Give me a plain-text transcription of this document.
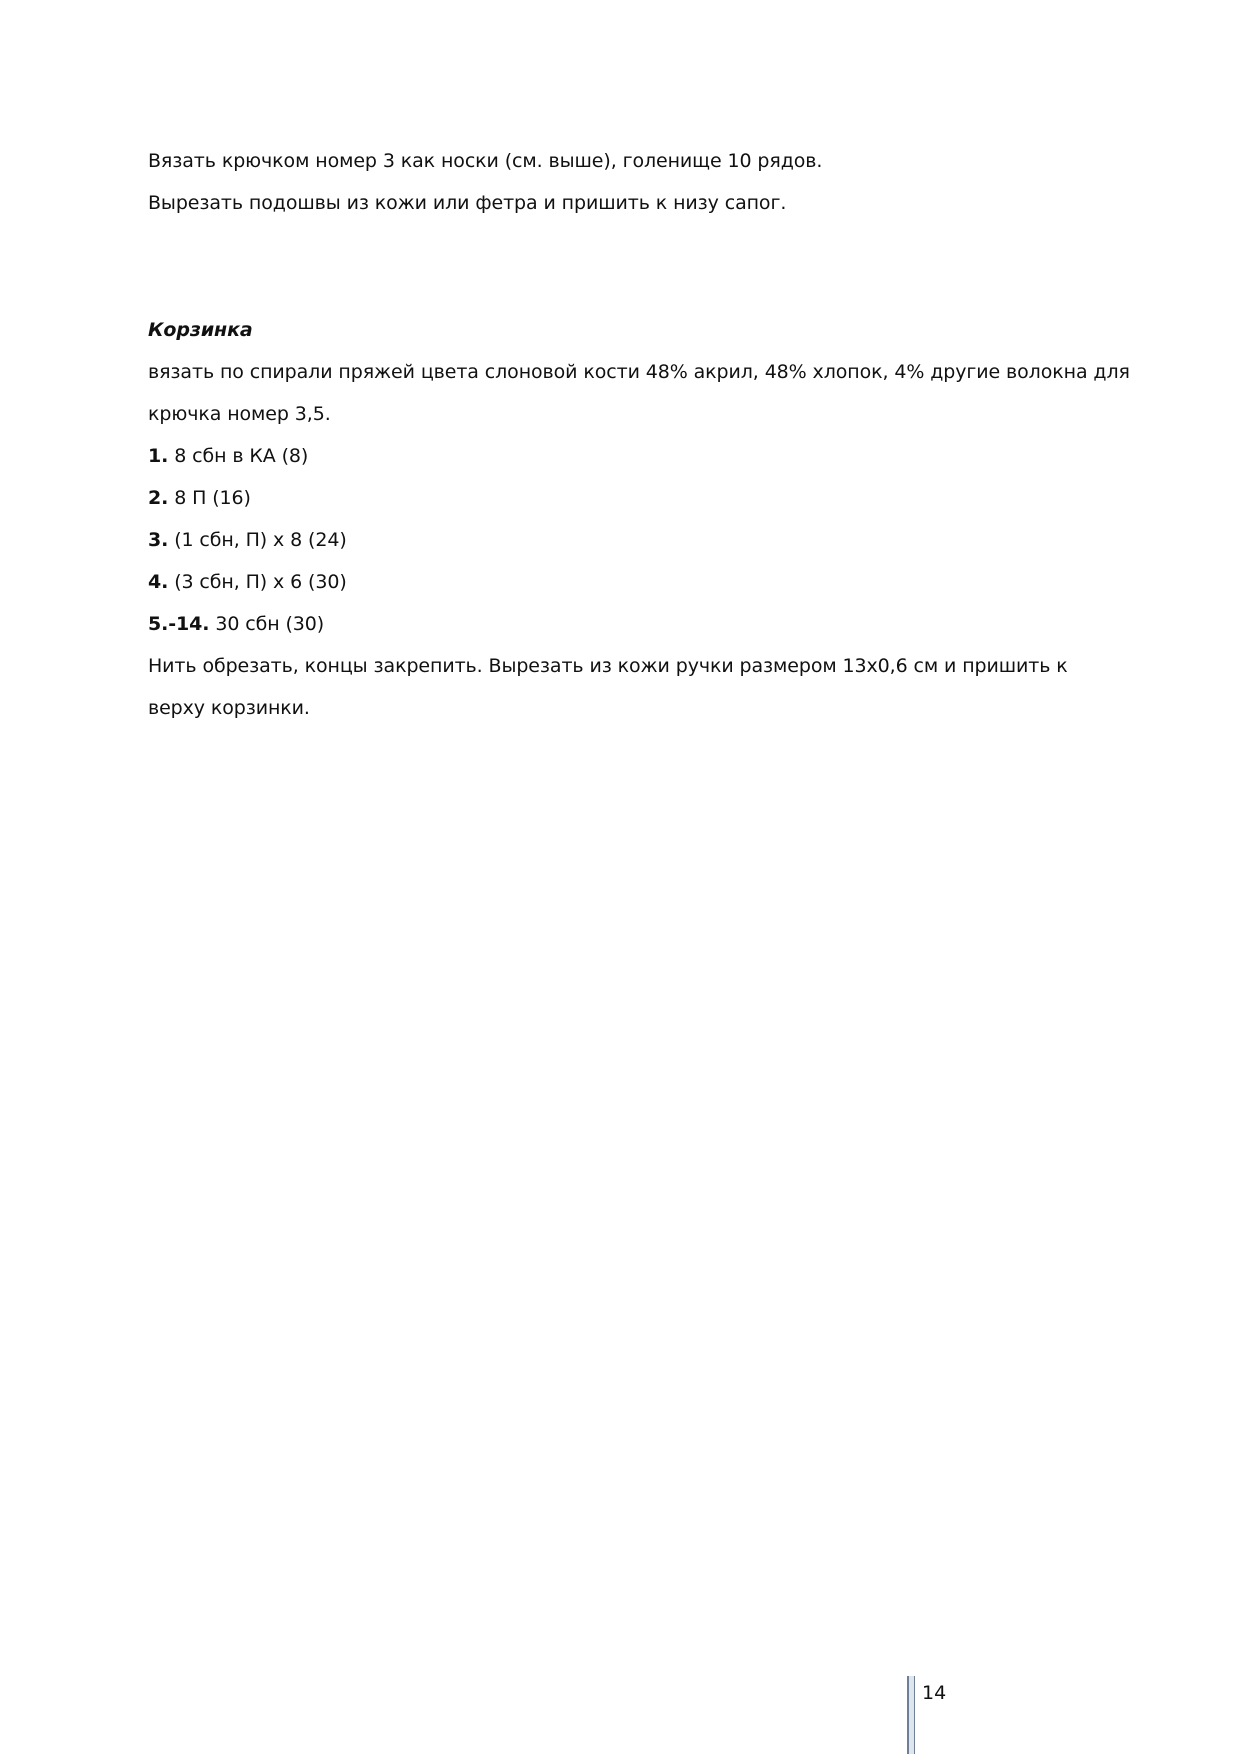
Вязать крючком номер 3 как носки (см. выше), голенище 10 рядов.
Вырезать подошвы из кожи или фетра и пришить к низу сапог.
Корзинка
вязать по спирали пряжей цвета слоновой кости 48% акрил, 48% хлопок, 4% другие волокна для
крючка номер 3,5.
1. 8 сбн в КА (8)
2. 8 П (16)
3. (1 сбн, П) х 8 (24)
4. (3 сбн, П) х 6 (30)
5.-14. 30 сбн (30)
Нить обрезать, концы закрепить. Вырезать из кожи ручки размером 13х0,6 см и пришить к
верху корзинки.
14
